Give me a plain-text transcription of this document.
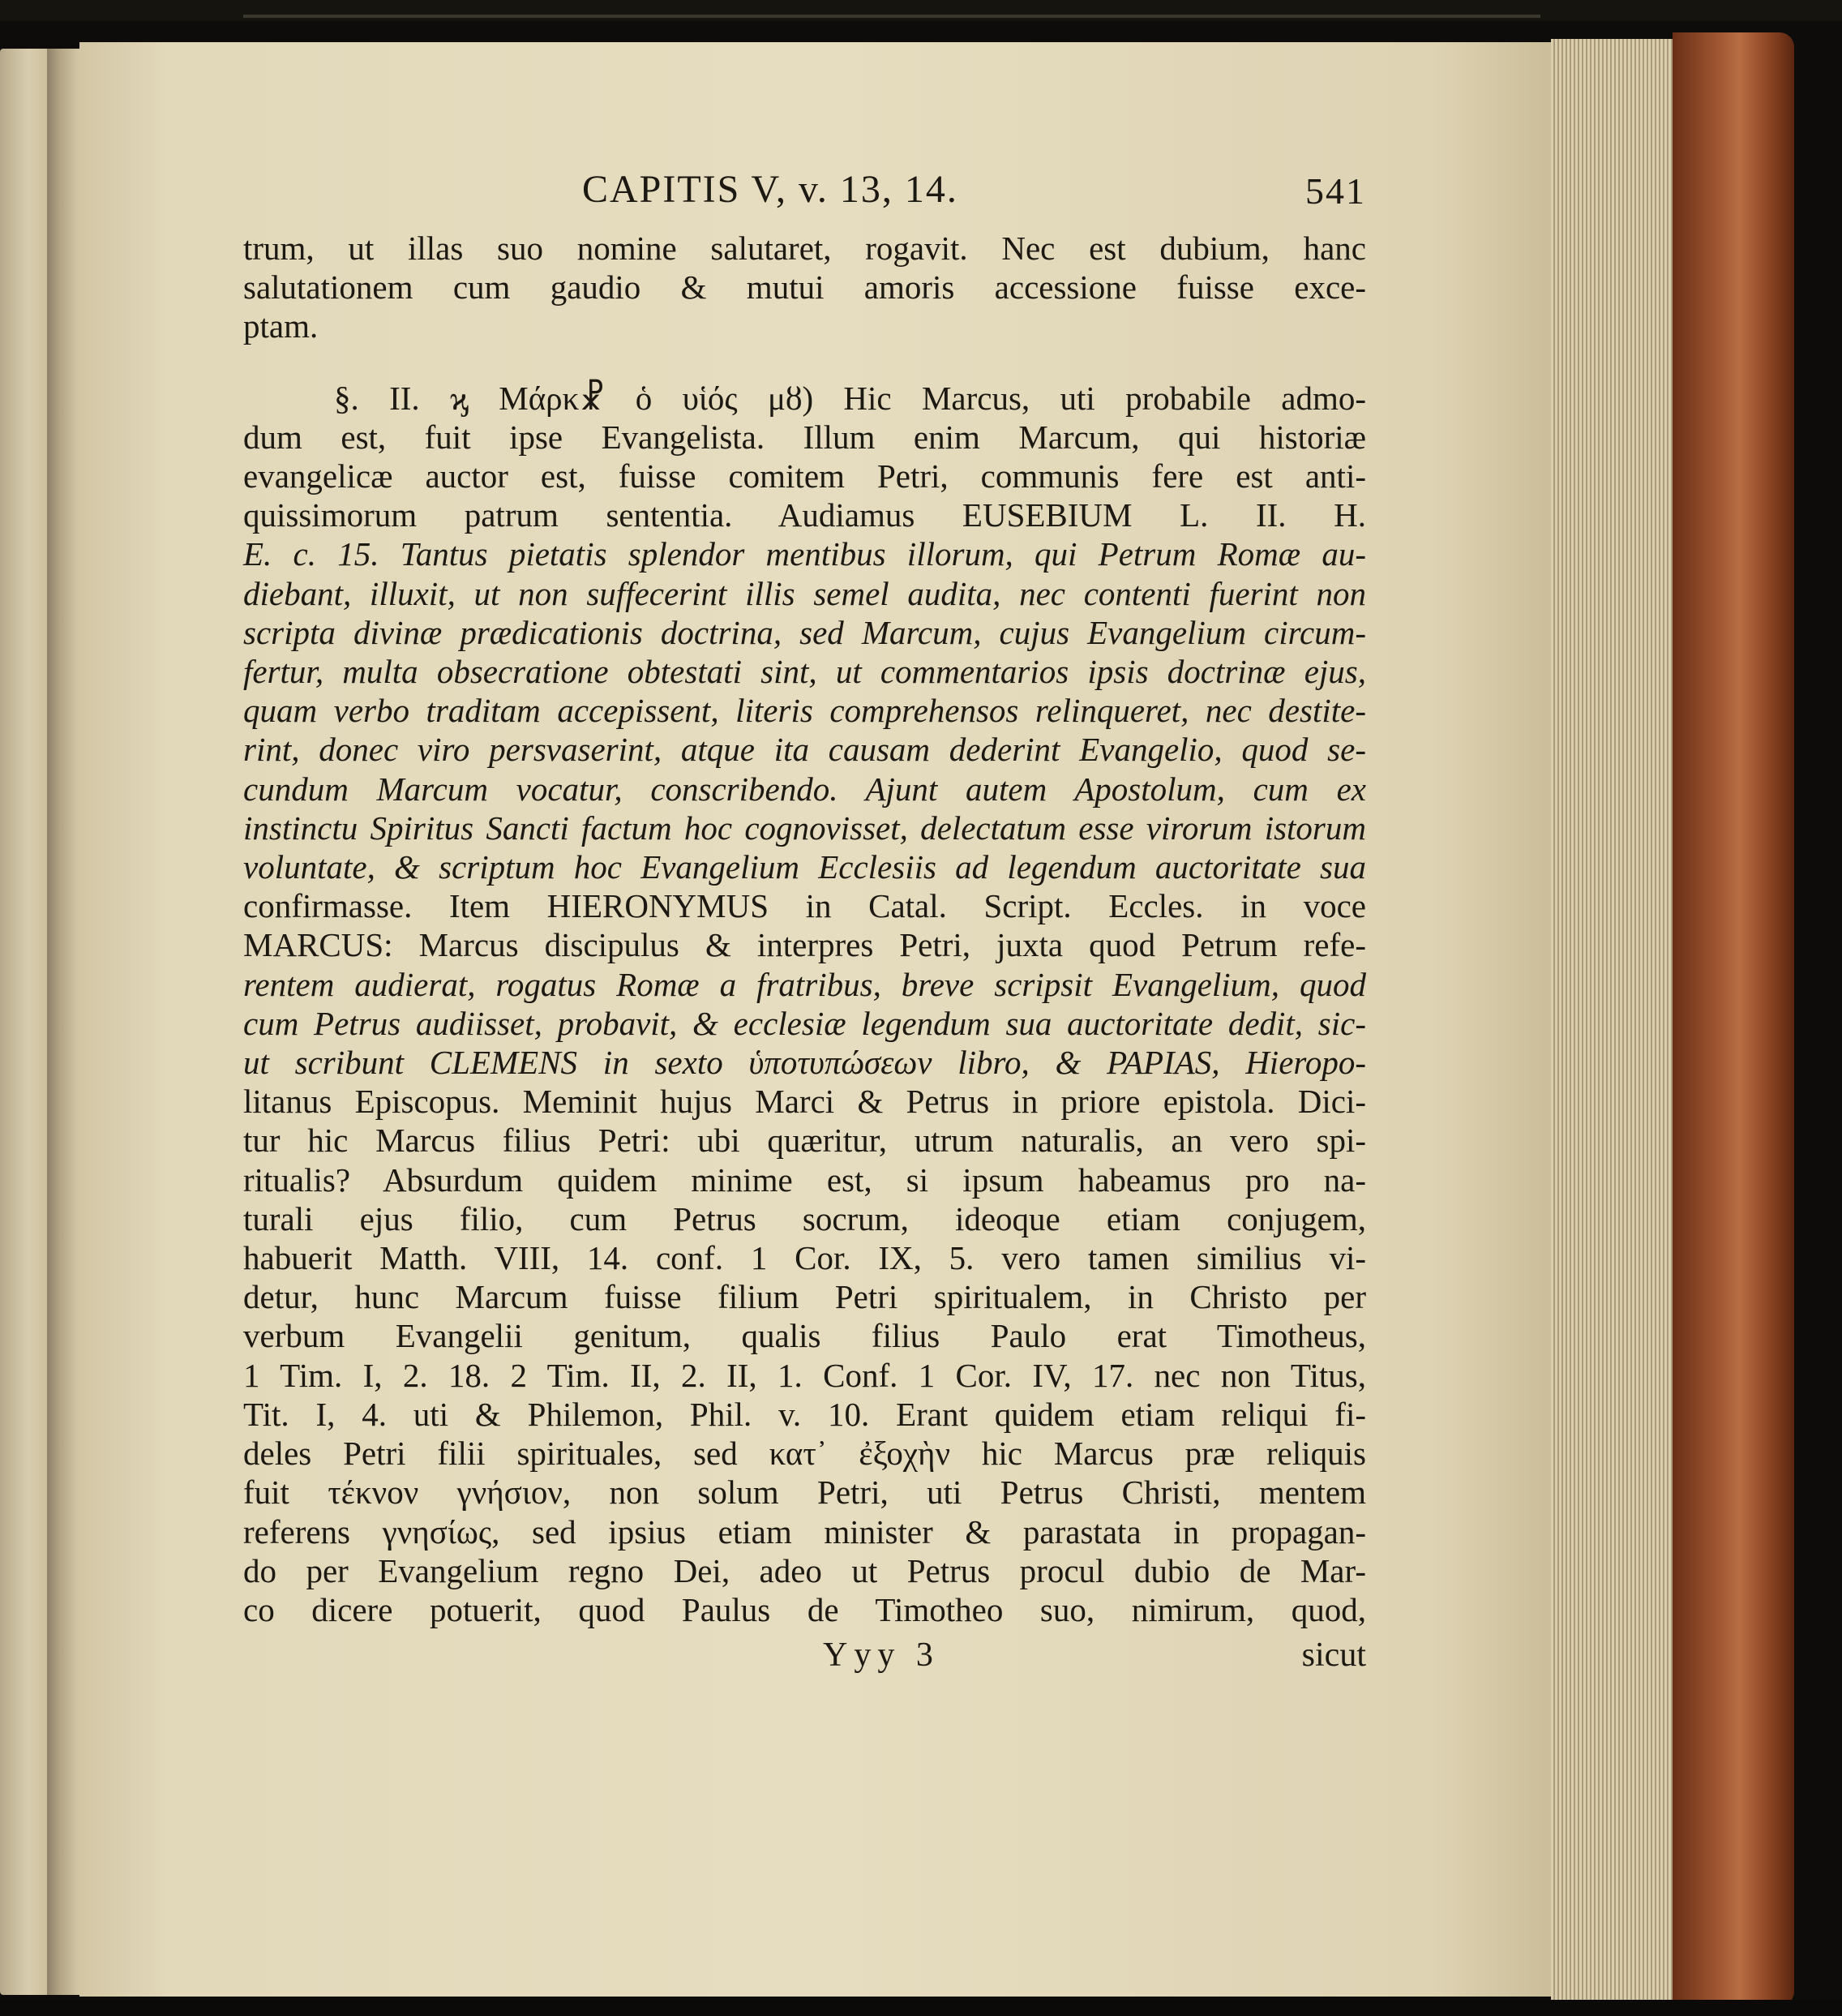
CAPITIS V, v. 13, 14.	541
trum, ut illas suo nomine salutaret, rogavit. Nec est dubium, hanc
salutationem cum gaudio & mutui amoris accessione fuisse exce-
ptam.
§. II. ϗ Μάρκ☧ ὁ υἱός μȣ) Hic Marcus, uti probabile admo-
dum est, fuit ipse Evangelista. Illum enim Marcum, qui historiæ
evangelicæ auctor est, fuisse comitem Petri, communis fere est anti-
quissimorum patrum sententia. Audiamus EUSEBIUM L. II. H.
E. c. 15. Tantus pietatis splendor mentibus illorum, qui Petrum Romæ au-
diebant, illuxit, ut non suffecerint illis semel audita, nec contenti fuerint non
scripta divinæ prædicationis doctrina, sed Marcum, cujus Evangelium circum-
fertur, multa obsecratione obtestati sint, ut commentarios ipsis doctrinæ ejus,
quam verbo traditam accepissent, literis comprehensos relinqueret, nec destite-
rint, donec viro persvaserint, atque ita causam dederint Evangelio, quod se-
cundum Marcum vocatur, conscribendo. Ajunt autem Apostolum, cum ex
instinctu Spiritus Sancti factum hoc cognovisset, delectatum esse virorum istorum
voluntate, & scriptum hoc Evangelium Ecclesiis ad legendum auctoritate sua
confirmasse. Item HIERONYMUS in Catal. Script. Eccles. in voce
MARCUS: Marcus discipulus & interpres Petri, juxta quod Petrum refe-
rentem audierat, rogatus Romæ a fratribus, breve scripsit Evangelium, quod
cum Petrus audiisset, probavit, & ecclesiæ legendum sua auctoritate dedit, sic-
ut scribunt CLEMENS in sexto ὑποτυπώσεων libro, & PAPIAS, Hieropo-
litanus Episcopus. Meminit hujus Marci & Petrus in priore epistola. Dici-
tur hic Marcus filius Petri: ubi quæritur, utrum naturalis, an vero spi-
ritualis? Absurdum quidem minime est, si ipsum habeamus pro na-
turali ejus filio, cum Petrus socrum, ideoque etiam conjugem,
habuerit Matth. VIII, 14. conf. 1 Cor. IX, 5. vero tamen similius vi-
detur, hunc Marcum fuisse filium Petri spiritualem, in Christo per
verbum Evangelii genitum, qualis filius Paulo erat Timotheus,
1 Tim. I, 2. 18. 2 Tim. II, 2. II, 1. Conf. 1 Cor. IV, 17. nec non Titus,
Tit. I, 4. uti & Philemon, Phil. v. 10. Erant quidem etiam reliqui fi-
deles Petri filii spirituales, sed κατ᾽ ἐξοχὴν hic Marcus præ reliquis
fuit τέκνον γνήσιον, non solum Petri, uti Petrus Christi, mentem
referens γνησίως, sed ipsius etiam minister & parastata in propagan-
do per Evangelium regno Dei, adeo ut Petrus procul dubio de Mar-
co dicere potuerit, quod Paulus de Timotheo suo, nimirum, quod,
Yyy 3	sicut
